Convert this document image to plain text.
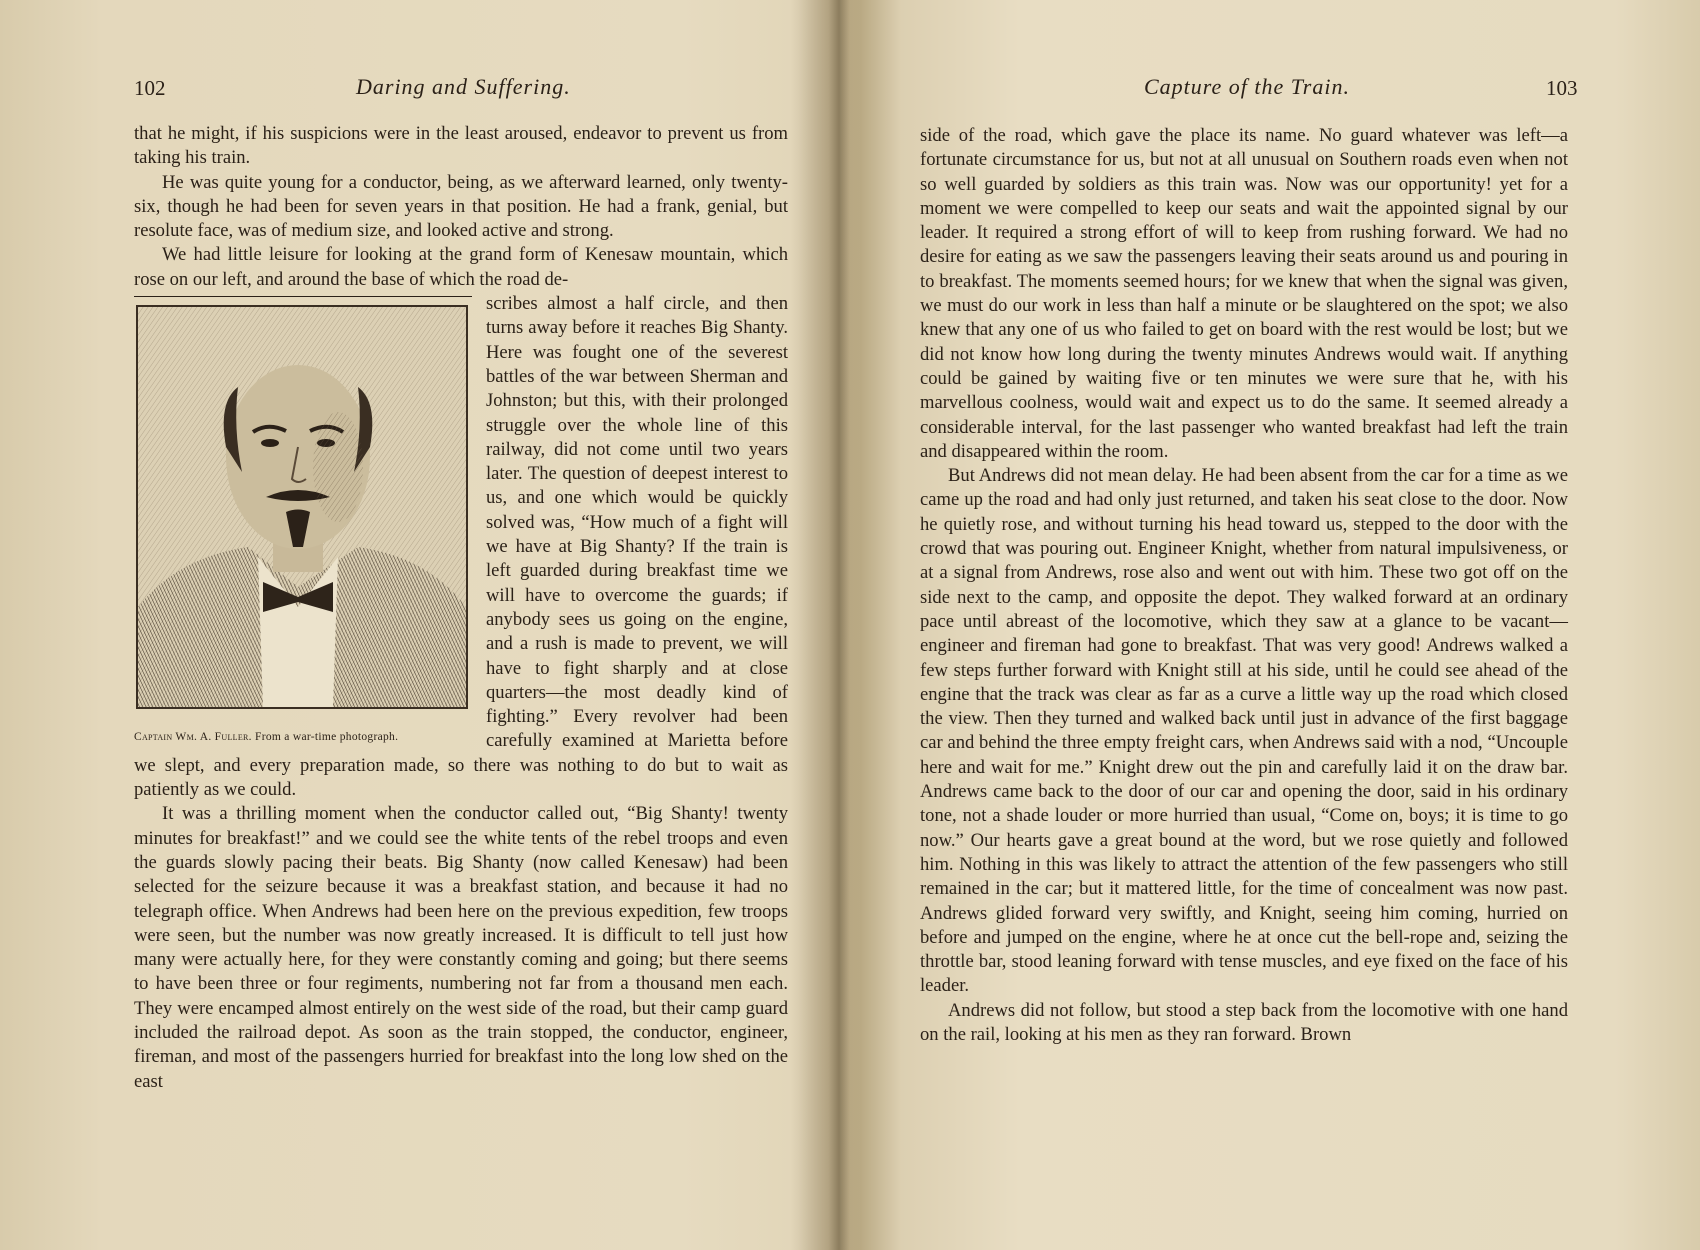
102	Daring and Suffering.

that he might, if his suspicions were in the least aroused, endeavor to prevent us from taking his train.

He was quite young for a conductor, being, as we afterward learned, only twenty-six, though he had been for seven years in that position. He had a frank, genial, but resolute face, was of medium size, and looked active and strong.

We had little leisure for looking at the grand form of Kenesaw mountain, which rose on our left, and around the base of which the road de-

Captain Wm. A. Fuller. From a war-time photograph.

scribes almost a half circle, and then turns away before it reaches Big Shanty. Here was fought one of the severest battles of the war between Sherman and Johnston; but this, with their prolonged struggle over the whole line of this railway, did not come until two years later. The question of deepest interest to us, and one which would be quickly solved was, “How much of a fight will we have at Big Shanty? If the train is left guarded during breakfast time we will have to overcome the guards; if anybody sees us going on the engine, and a rush is made to prevent, we will have to fight sharply and at close quarters—the most deadly kind of fighting.” Every revolver had been carefully examined at Marietta before we slept, and every preparation made, so there was nothing to do but to wait as patiently as we could.

It was a thrilling moment when the conductor called out, “Big Shanty! twenty minutes for breakfast!” and we could see the white tents of the rebel troops and even the guards slowly pacing their beats. Big Shanty (now called Kenesaw) had been selected for the seizure because it was a breakfast station, and because it had no telegraph office. When Andrews had been here on the previous expedition, few troops were seen, but the number was now greatly increased. It is difficult to tell just how many were actually here, for they were constantly coming and going; but there seems to have been three or four regiments, numbering not far from a thousand men each. They were encamped almost entirely on the west side of the road, but their camp guard included the railroad depot. As soon as the train stopped, the conductor, engineer, fireman, and most of the passengers hurried for breakfast into the long low shed on the east

Capture of the Train.	103

side of the road, which gave the place its name. No guard whatever was left—a fortunate circumstance for us, but not at all unusual on Southern roads even when not so well guarded by soldiers as this train was. Now was our opportunity! yet for a moment we were compelled to keep our seats and wait the appointed signal by our leader. It required a strong effort of will to keep from rushing forward. We had no desire for eating as we saw the passengers leaving their seats around us and pouring in to breakfast. The moments seemed hours; for we knew that when the signal was given, we must do our work in less than half a minute or be slaughtered on the spot; we also knew that any one of us who failed to get on board with the rest would be lost; but we did not know how long during the twenty minutes Andrews would wait. If anything could be gained by waiting five or ten minutes we were sure that he, with his marvellous coolness, would wait and expect us to do the same. It seemed already a considerable interval, for the last passenger who wanted breakfast had left the train and disappeared within the room.

But Andrews did not mean delay. He had been absent from the car for a time as we came up the road and had only just returned, and taken his seat close to the door. Now he quietly rose, and without turning his head toward us, stepped to the door with the crowd that was pouring out. Engineer Knight, whether from natural impulsiveness, or at a signal from Andrews, rose also and went out with him. These two got off on the side next to the camp, and opposite the depot. They walked forward at an ordinary pace until abreast of the locomotive, which they saw at a glance to be vacant—engineer and fireman had gone to breakfast. That was very good! Andrews walked a few steps further forward with Knight still at his side, until he could see ahead of the engine that the track was clear as far as a curve a little way up the road which closed the view. Then they turned and walked back until just in advance of the first baggage car and behind the three empty freight cars, when Andrews said with a nod, “Uncouple here and wait for me.” Knight drew out the pin and carefully laid it on the draw bar. Andrews came back to the door of our car and opening the door, said in his ordinary tone, not a shade louder or more hurried than usual, “Come on, boys; it is time to go now.” Our hearts gave a great bound at the word, but we rose quietly and followed him. Nothing in this was likely to attract the attention of the few passengers who still remained in the car; but it mattered little, for the time of concealment was now past. Andrews glided forward very swiftly, and Knight, seeing him coming, hurried on before and jumped on the engine, where he at once cut the bell-rope and, seizing the throttle bar, stood leaning forward with tense muscles, and eye fixed on the face of his leader.

Andrews did not follow, but stood a step back from the locomotive with one hand on the rail, looking at his men as they ran forward. Brown
